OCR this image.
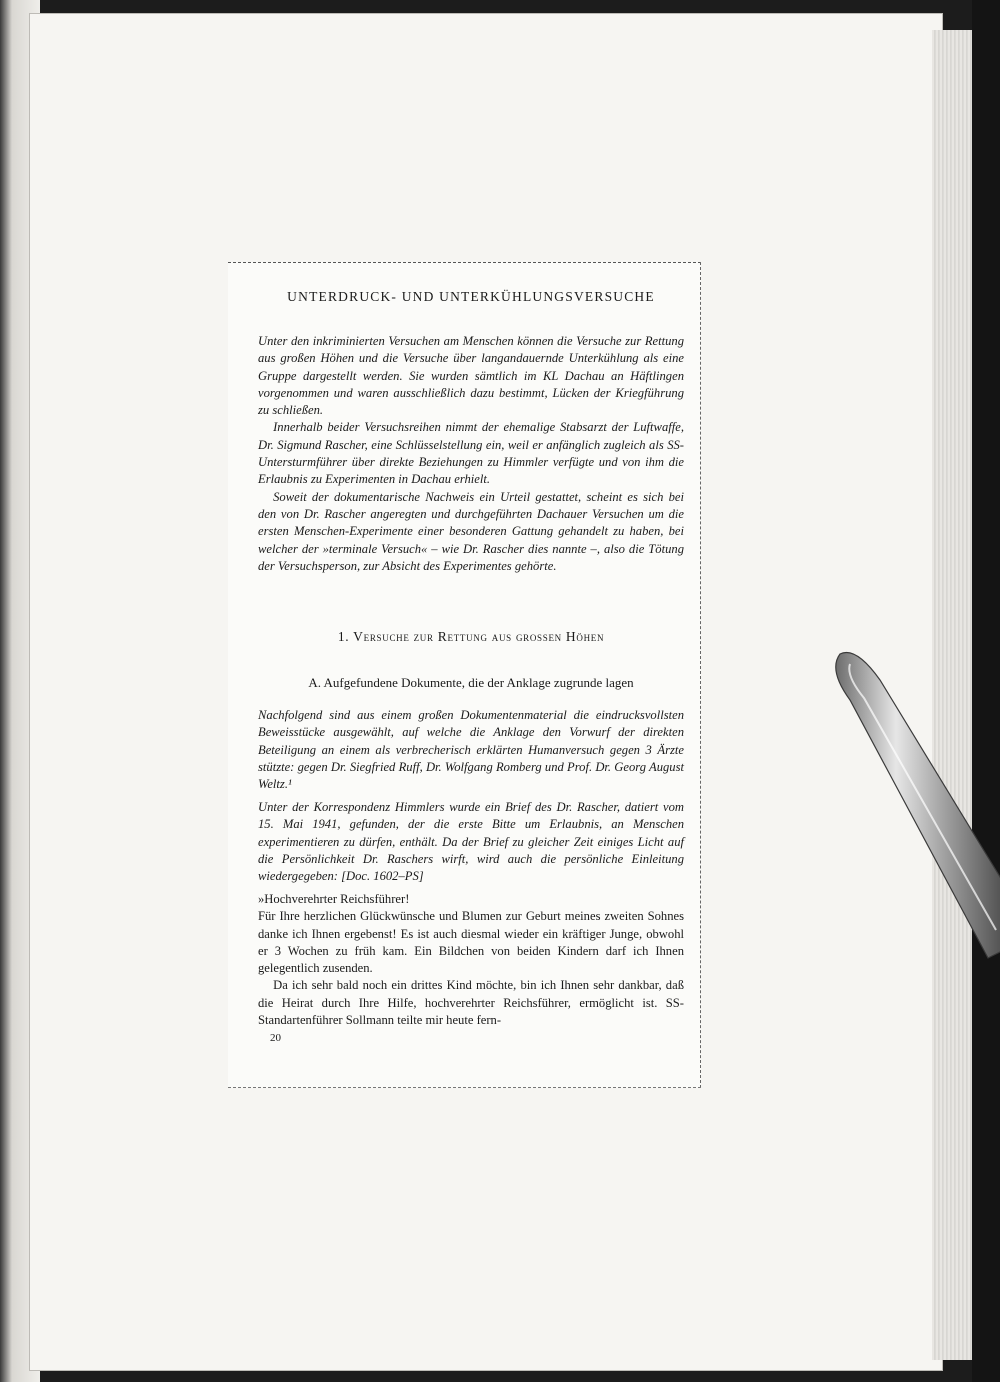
UNTERDRUCK- UND UNTERKÜHLUNGSVERSUCHE

Unter den inkriminierten Versuchen am Menschen können die Versuche zur Rettung aus großen Höhen und die Versuche über langandauernde Unterkühlung als eine Gruppe dargestellt werden. Sie wurden sämtlich im KL Dachau an Häftlingen vorgenommen und waren ausschließlich dazu bestimmt, Lücken der Kriegführung zu schließen.

Innerhalb beider Versuchsreihen nimmt der ehemalige Stabsarzt der Luftwaffe, Dr. Sigmund Rascher, eine Schlüsselstellung ein, weil er anfänglich zugleich als SS-Untersturmführer über direkte Beziehungen zu Himmler verfügte und von ihm die Erlaubnis zu Experimenten in Dachau erhielt.

Soweit der dokumentarische Nachweis ein Urteil gestattet, scheint es sich bei den von Dr. Rascher angeregten und durchgeführten Dachauer Versuchen um die ersten Menschen-Experimente einer besonderen Gattung gehandelt zu haben, bei welcher der »terminale Versuch« – wie Dr. Rascher dies nannte –, also die Tötung der Versuchsperson, zur Absicht des Experimentes gehörte.

1. Versuche zur Rettung aus grossen Höhen
A. Aufgefundene Dokumente, die der Anklage zugrunde lagen
Nachfolgend sind aus einem großen Dokumentenmaterial die eindrucksvollsten Beweisstücke ausgewählt, auf welche die Anklage den Vorwurf der direkten Beteiligung an einem als verbrecherisch erklärten Humanversuch gegen 3 Ärzte stützte: gegen Dr. Siegfried Ruff, Dr. Wolfgang Romberg und Prof. Dr. Georg August Weltz.¹
Unter der Korrespondenz Himmlers wurde ein Brief des Dr. Rascher, datiert vom 15. Mai 1941, gefunden, der die erste Bitte um Erlaubnis, an Menschen experimentieren zu dürfen, enthält. Da der Brief zu gleicher Zeit einiges Licht auf die Persönlichkeit Dr. Raschers wirft, wird auch die persönliche Einleitung wiedergegeben: [Doc. 1602–PS]

»Hochverehrter Reichsführer!

Für Ihre herzlichen Glückwünsche und Blumen zur Geburt meines zweiten Sohnes danke ich Ihnen ergebenst! Es ist auch diesmal wieder ein kräftiger Junge, obwohl er 3 Wochen zu früh kam. Ein Bildchen von beiden Kindern darf ich Ihnen gelegentlich zusenden.

Da ich sehr bald noch ein drittes Kind möchte, bin ich Ihnen sehr dankbar, daß die Heirat durch Ihre Hilfe, hochverehrter Reichsführer, ermöglicht ist. SS-Standartenführer Sollmann teilte mir heute fern-

20
